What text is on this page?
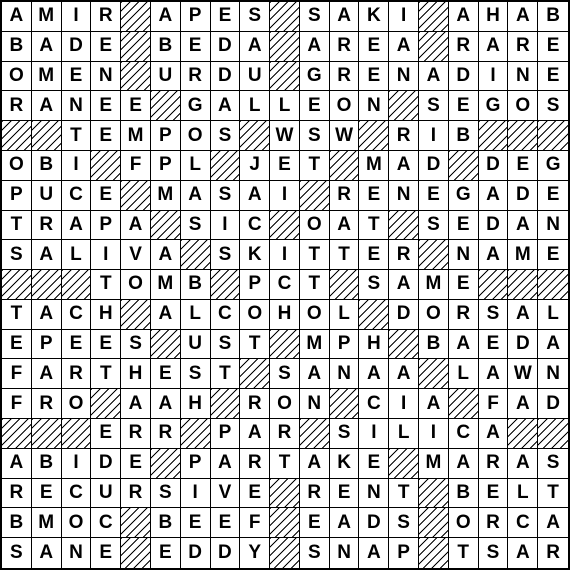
A M	I	R	A P E S	S A K	I	A H A B
B A D E	B E D A	A R E A	R A R E
O M E N	U R D U	G R E N A D	I	N E
R A N E E	G A L L E O N	S E G O S
T E M P O S	W S W	R	I	B
O B	I	F P L	J E T	M A D	D E G
P U C E	M A S A	I	R E N E G A D E
T R A P A	S	I	C	O A T	S E D A N
S A L	I	V A	S K	I	T T E R	N A M E
T O M B	P C T	S A M E
T A C H	A L C O H O L	D O R S A L
E P E E S	U S T	M P H	B A E D A
F A R T H E S T	S A N A A	L A W N
F R O	A A H	R O N	C	I	A	F A D
E R R	P A R	S	I	L	I	C A
A B	I	D E	P A R T A K E	M A R A S
R E C U R S	I	V E	R E N T	B E L T
B M O C	B E E F	E A D S	O R C A
S A N E	E D D Y	S N A P	T S A R
